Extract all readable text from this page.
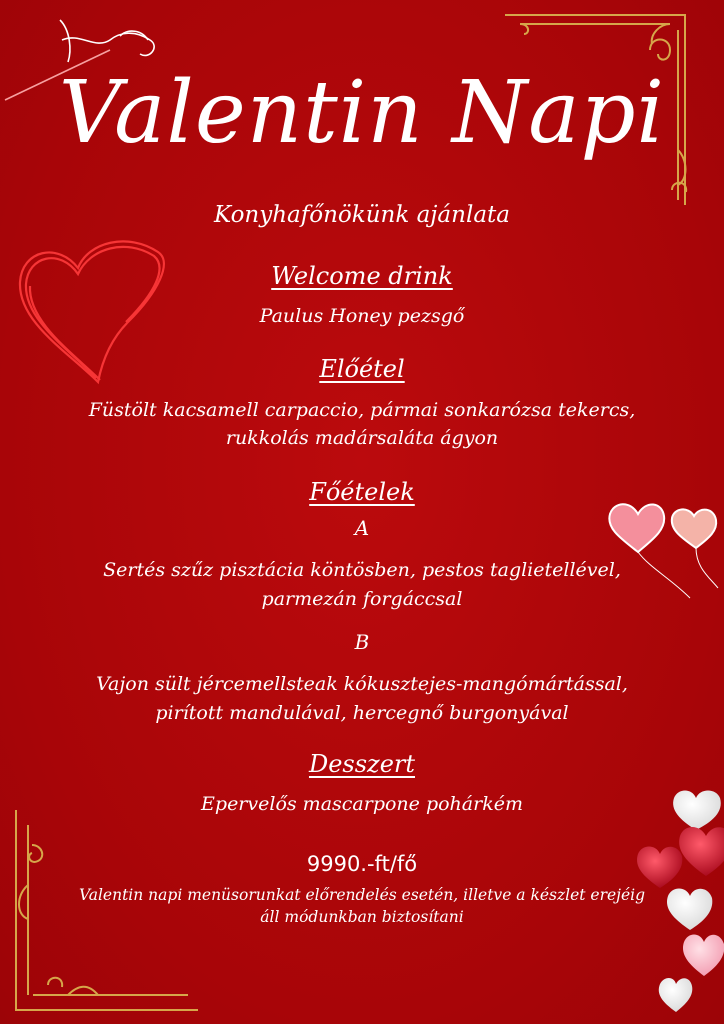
Valentin Napi
Konyhafőnökünk ajánlata
Welcome drink
Paulus Honey pezsgő
Előétel
Füstölt kacsamell carpaccio, pármai sonkarózsa tekercs,
rukkolás madársaláta ágyon
Főételek
A
Sertés szűz pisztácia köntösben, pestos taglietellével,
parmezán forgáccsal
B
Vajon sült jércemellsteak kókusztejes-mangómártással,
pirított mandulával, hercegnő burgonyával
Desszert
Epervelős mascarpone pohárkém
9990.-ft/fő
Valentin napi menüsorunkat előrendelés esetén, illetve a készlet erejéig
áll módunkban biztosítani
